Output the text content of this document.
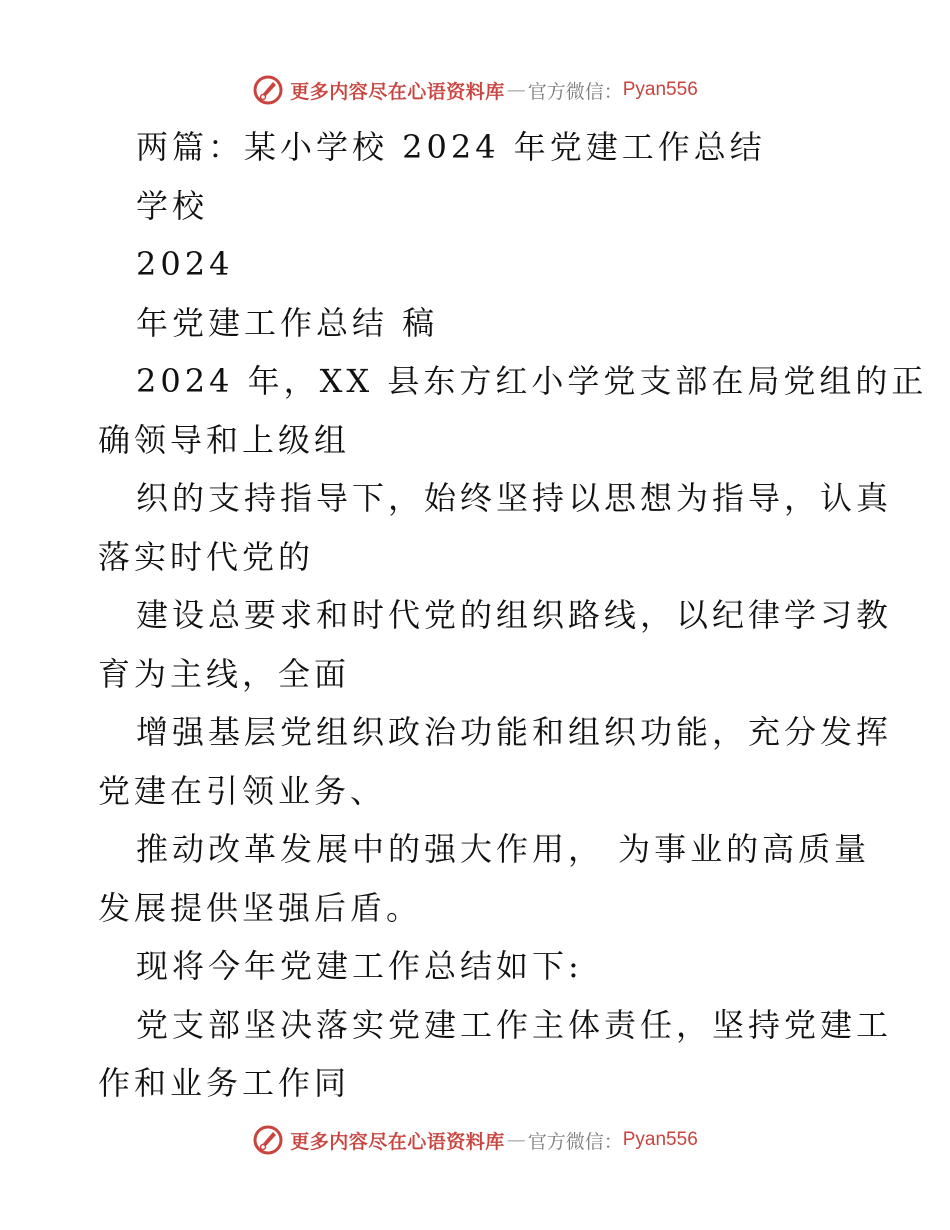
更多内容尽在心语资料库 — 官方微信： Pyan556
两篇：某小学校 2024 年党建工作总结
学校
2024
年党建工作总结 稿
2024 年，XX 县东方红小学党支部在局党组的正
确领导和上级组
织的支持指导下，始终坚持以思想为指导，认真
落实时代党的
建设总要求和时代党的组织路线，以纪律学习教
育为主线，全面
增强基层党组织政治功能和组织功能，充分发挥
党建在引领业务、
推动改革发展中的强大作用， 为事业的高质量
发展提供坚强后盾。
现将今年党建工作总结如下:
党支部坚决落实党建工作主体责任，坚持党建工
作和业务工作同
更多内容尽在心语资料库 — 官方微信： Pyan556
